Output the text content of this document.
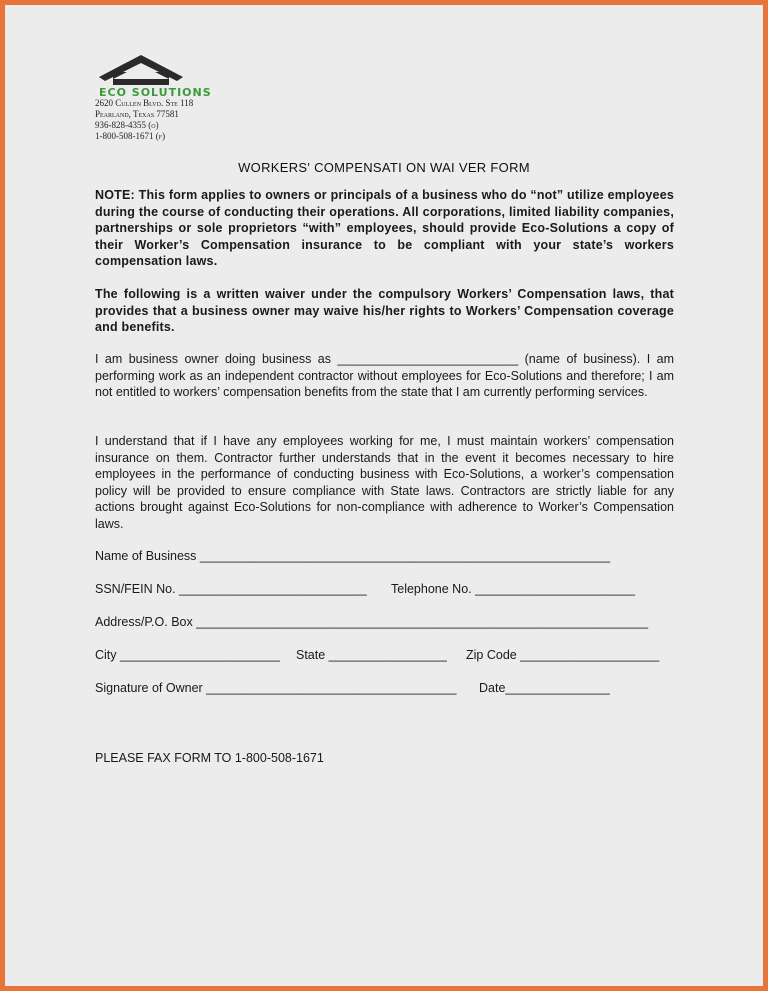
ECO SOLUTIONS
2620 Cullen Blvd. Ste 118
Pearland, Texas 77581
936-828-4355 (o)
1-800-508-1671 (f)
WORKERS' COMPENSATI ON WAI VER FORM

NOTE: This form applies to owners or principals of a business who do “not” utilize employees during the course of conducting their operations. All corporations, limited liability companies, partnerships or sole proprietors “with” employees, should provide Eco-Solutions a copy of their Worker’s Compensation insurance to be compliant with your state’s workers compensation laws.

The following is a written waiver under the compulsory Workers’ Compensation laws, that provides that a business owner may waive his/her rights to Workers’ Compensation coverage and benefits.

I am business owner doing business as __________________________ (name of business). I am performing work as an independent contractor without employees for Eco-Solutions and therefore; I am not entitled to workers’ compensation benefits from the state that I am currently performing services.

I understand that if I have any employees working for me, I must maintain workers’ compensation insurance on them. Contractor further understands that in the event it becomes necessary to hire employees in the performance of conducting business with Eco-Solutions, a worker’s compensation policy will be provided to ensure compliance with State laws. Contractors are strictly liable for any actions brought against Eco-Solutions for non-compliance with adherence to Worker’s Compensation laws.

Name of Business ___________________________________________________________
SSN/FEIN No. ___________________________ Telephone No. _______________________
Address/P.O. Box _________________________________________________________________
City _______________________ State _________________ Zip Code ____________________
Signature of Owner ____________________________________ Date_______________
PLEASE FAX FORM TO 1-800-508-1671
